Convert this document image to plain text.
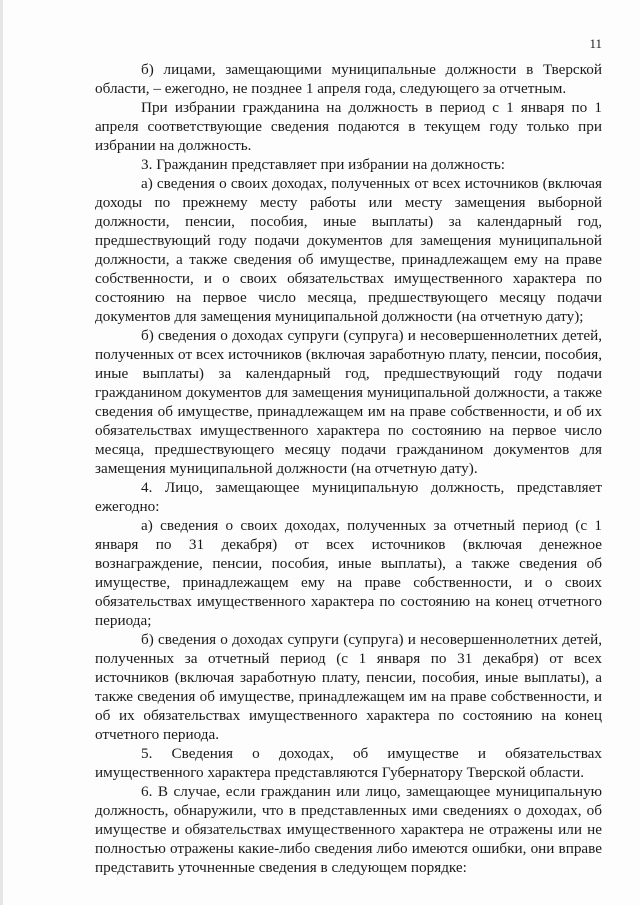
11

б) лицами, замещающими муниципальные должности в Тверской области, – ежегодно, не позднее 1 апреля года, следующего за отчетным.

При избрании гражданина на должность в период с 1 января по 1 апреля соответствующие сведения подаются в текущем году только при избрании на должность.

3. Гражданин представляет при избрании на должность:

а) сведения о своих доходах, полученных от всех источников (включая доходы по прежнему месту работы или месту замещения выборной должности, пенсии, пособия, иные выплаты) за календарный год, предшествующий году подачи документов для замещения муниципальной должности, а также сведения об имуществе, принадлежащем ему на праве собственности, и о своих обязательствах имущественного характера по состоянию на первое число месяца, предшествующего месяцу подачи документов для замещения муниципальной должности (на отчетную дату);

б) сведения о доходах супруги (супруга) и несовершеннолетних детей, полученных от всех источников (включая заработную плату, пенсии, пособия, иные выплаты) за календарный год, предшествующий году подачи гражданином документов для замещения муниципальной должности, а также сведения об имуществе, принадлежащем им на праве собственности, и об их обязательствах имущественного характера по состоянию на первое число месяца, предшествующего месяцу подачи гражданином документов для замещения муниципальной должности (на отчетную дату).

4. Лицо, замещающее муниципальную должность, представляет ежегодно:

а) сведения о своих доходах, полученных за отчетный период (с 1 января по 31 декабря) от всех источников (включая денежное вознаграждение, пенсии, пособия, иные выплаты), а также сведения об имуществе, принадлежащем ему на праве собственности, и о своих обязательствах имущественного характера по состоянию на конец отчетного периода;

б) сведения о доходах супруги (супруга) и несовершеннолетних детей, полученных за отчетный период (с 1 января по 31 декабря) от всех источников (включая заработную плату, пенсии, пособия, иные выплаты), а также сведения об имуществе, принадлежащем им на праве собственности, и об их обязательствах имущественного характера по состоянию на конец отчетного периода.

5. Сведения о доходах, об имуществе и обязательствах имущественного характера представляются Губернатору Тверской области.

6. В случае, если гражданин или лицо, замещающее муниципальную должность, обнаружили, что в представленных ими сведениях о доходах, об имуществе и обязательствах имущественного характера не отражены или не полностью отражены какие-либо сведения либо имеются ошибки, они вправе представить уточненные сведения в следующем порядке:
